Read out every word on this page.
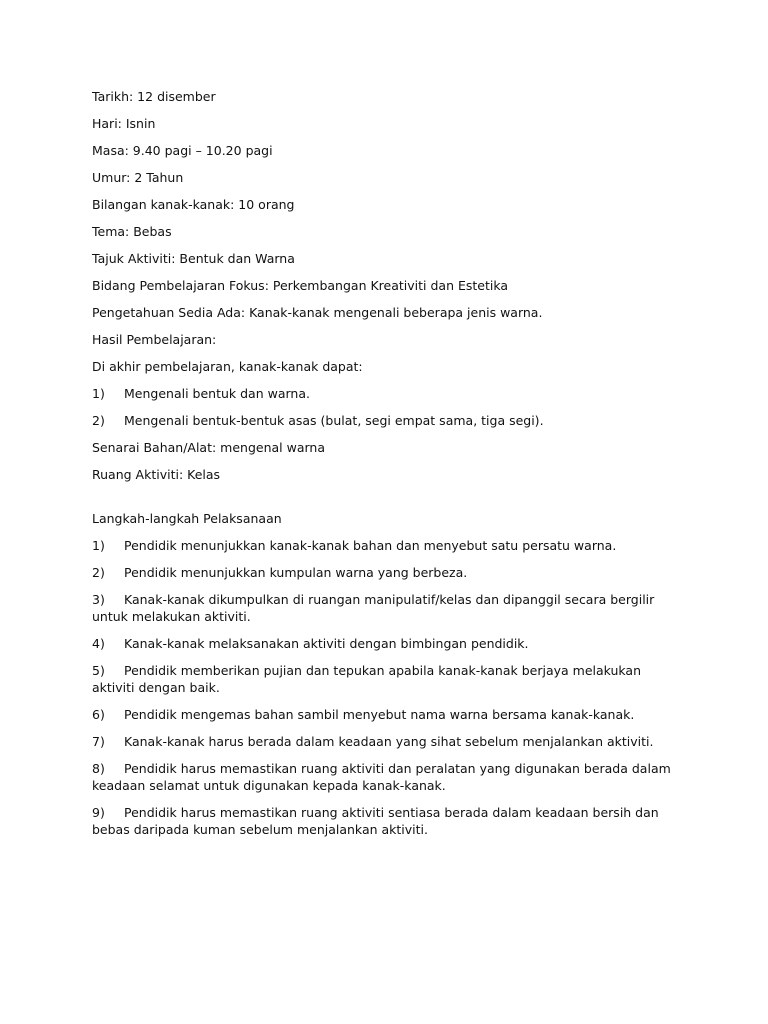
Tarikh: 12 disember
Hari: Isnin
Masa: 9.40 pagi – 10.20 pagi
Umur: 2 Tahun
Bilangan kanak-kanak: 10 orang
Tema: Bebas
Tajuk Aktiviti: Bentuk dan Warna
Bidang Pembelajaran Fokus: Perkembangan Kreativiti dan Estetika
Pengetahuan Sedia Ada: Kanak-kanak mengenali beberapa jenis warna.
Hasil Pembelajaran:
Di akhir pembelajaran, kanak-kanak dapat:
1)	Mengenali bentuk dan warna.
2)	Mengenali bentuk-bentuk asas (bulat, segi empat sama, tiga segi).
Senarai Bahan/Alat: mengenal warna
Ruang Aktiviti: Kelas
Langkah-langkah Pelaksanaan
1)	Pendidik menunjukkan kanak-kanak bahan dan menyebut satu persatu warna.
2)	Pendidik menunjukkan kumpulan warna yang berbeza.
3) Kanak-kanak dikumpulkan di ruangan manipulatif/kelas dan dipanggil secara bergilir untuk melakukan aktiviti.
4)	Kanak-kanak melaksanakan aktiviti dengan bimbingan pendidik.
5) Pendidik memberikan pujian dan tepukan apabila kanak-kanak berjaya melakukan aktiviti dengan baik.
6)	Pendidik mengemas bahan sambil menyebut nama warna bersama kanak-kanak.
7)	Kanak-kanak harus berada dalam keadaan yang sihat sebelum menjalankan aktiviti.
8) Pendidik harus memastikan ruang aktiviti dan peralatan yang digunakan berada dalam keadaan selamat untuk digunakan kepada kanak-kanak.
9) Pendidik harus memastikan ruang aktiviti sentiasa berada dalam keadaan bersih dan bebas daripada kuman sebelum menjalankan aktiviti.
